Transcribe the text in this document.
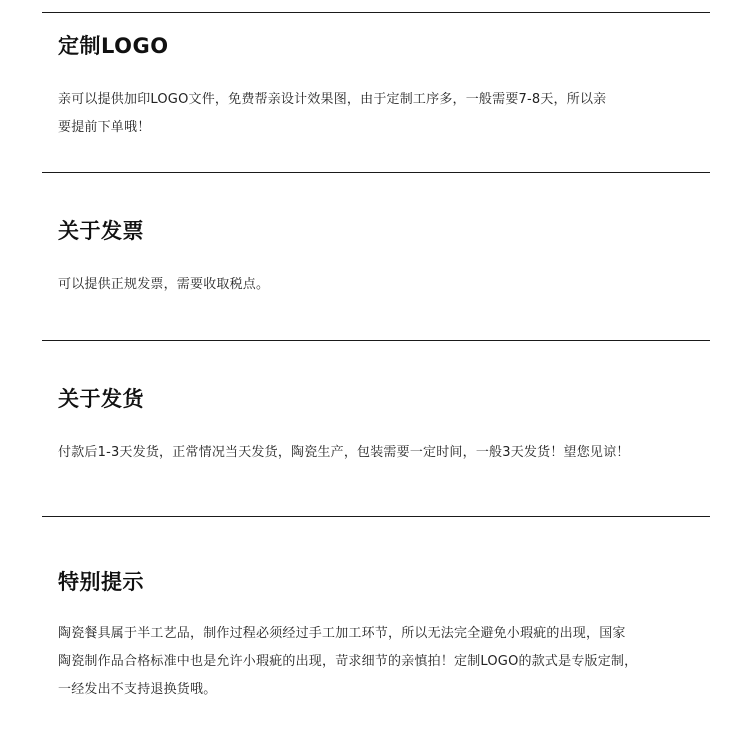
定制LOGO

亲可以提供加印LOGO文件，免费帮亲设计效果图，由于定制工序多，一般需要7-8天，所以亲

要提前下单哦！

关于发票

可以提供正规发票，需要收取税点。

关于发货

付款后1-3天发货，正常情况当天发货，陶瓷生产，包装需要一定时间，一般3天发货！望您见谅！

特别提示

陶瓷餐具属于半工艺品，制作过程必须经过手工加工环节，所以无法完全避免小瑕疵的出现，国家

陶瓷制作品合格标准中也是允许小瑕疵的出现，苛求细节的亲慎拍！定制LOGO的款式是专版定制，

一经发出不支持退换货哦。
